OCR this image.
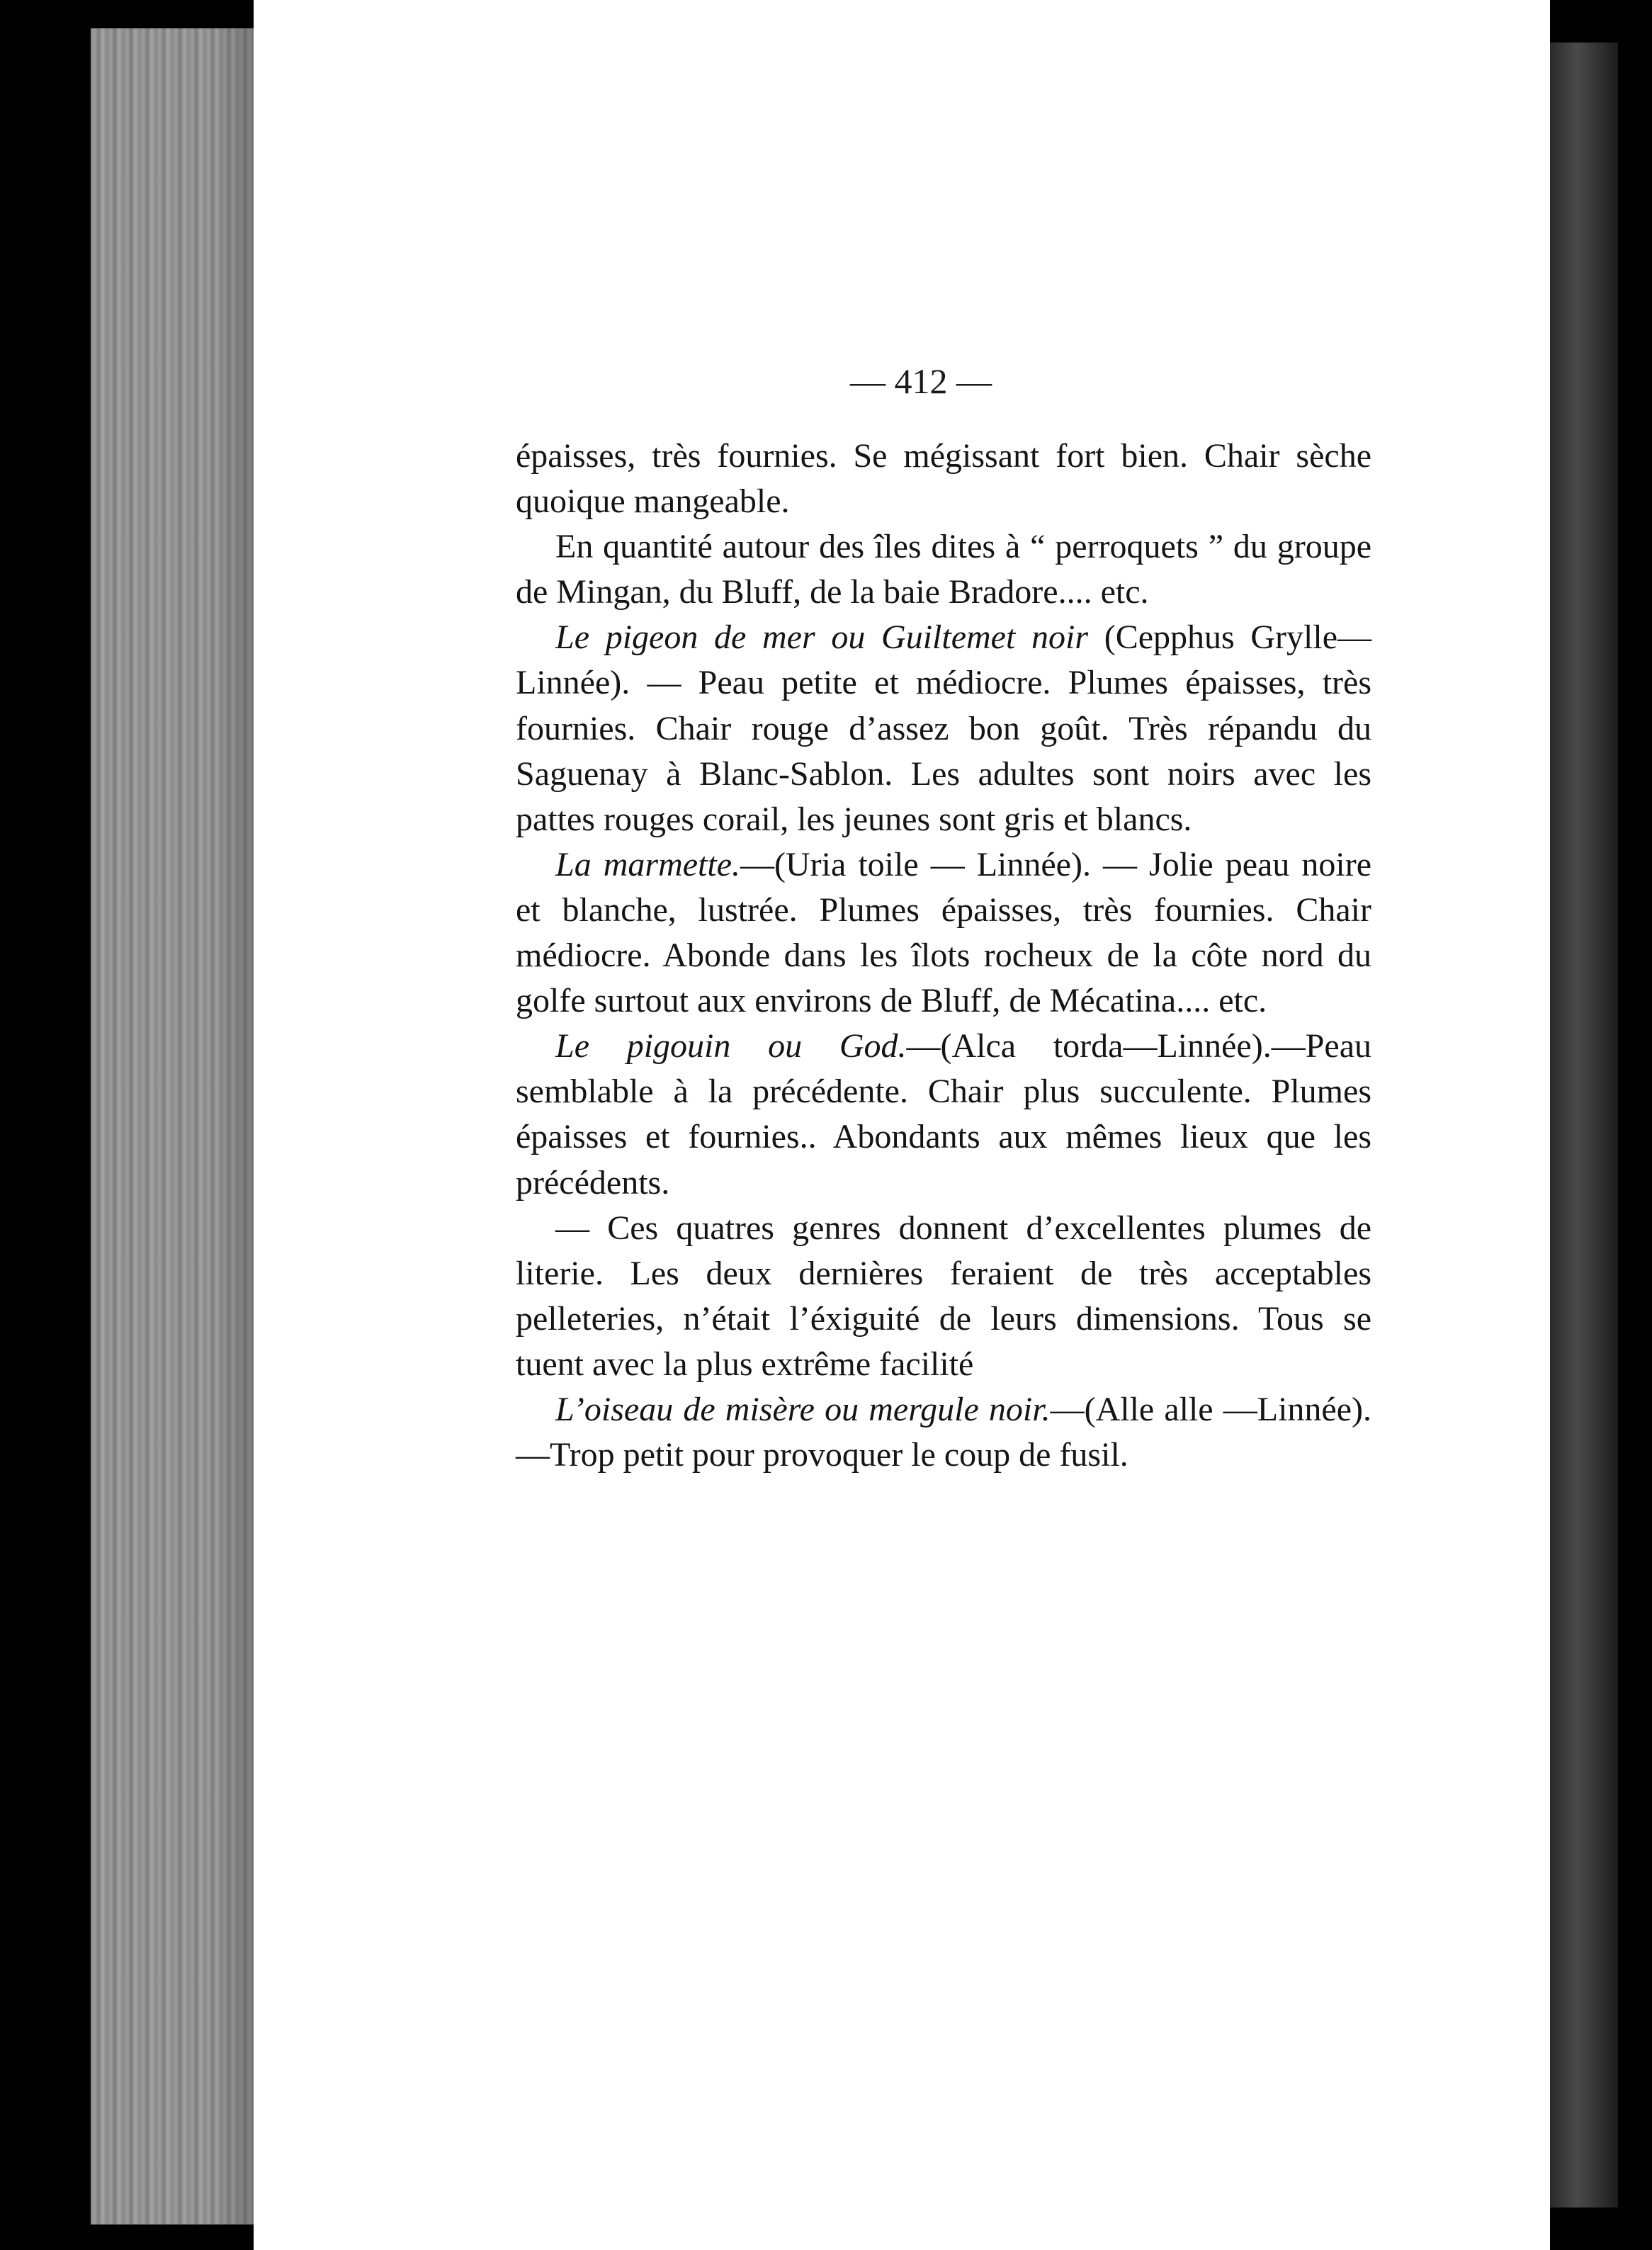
— 412 —

épaisses, très fournies. Se mégissant fort bien. Chair sèche quoique mangeable.

En quantité autour des îles dites à “ perroquets ” du groupe de Mingan, du Bluff, de la baie Bradore.... etc.

Le pigeon de mer ou Guiltemet noir (Cepphus Grylle—Linnée). — Peau petite et médiocre. Plumes épaisses, très fournies. Chair rouge d’assez bon goût. Très répandu du Saguenay à Blanc-Sablon. Les adultes sont noirs avec les pattes rouges corail, les jeunes sont gris et blancs.

La marmette.—(Uria toile — Linnée). — Jolie peau noire et blanche, lustrée. Plumes épaisses, très fournies. Chair médiocre. Abonde dans les îlots rocheux de la côte nord du golfe surtout aux environs de Bluff, de Mécatina.... etc.

Le pigouin ou God.—(Alca torda—Linnée).—Peau semblable à la précédente. Chair plus succulente. Plumes épaisses et fournies.. Abondants aux mêmes lieux que les précédents.

— Ces quatres genres donnent d’excellentes plumes de literie. Les deux dernières feraient de très acceptables pelleteries, n’était l’éxiguité de leurs dimensions. Tous se tuent avec la plus extrême facilité

L’oiseau de misère ou mergule noir.—(Alle alle —Linnée).—Trop petit pour provoquer le coup de fusil.
